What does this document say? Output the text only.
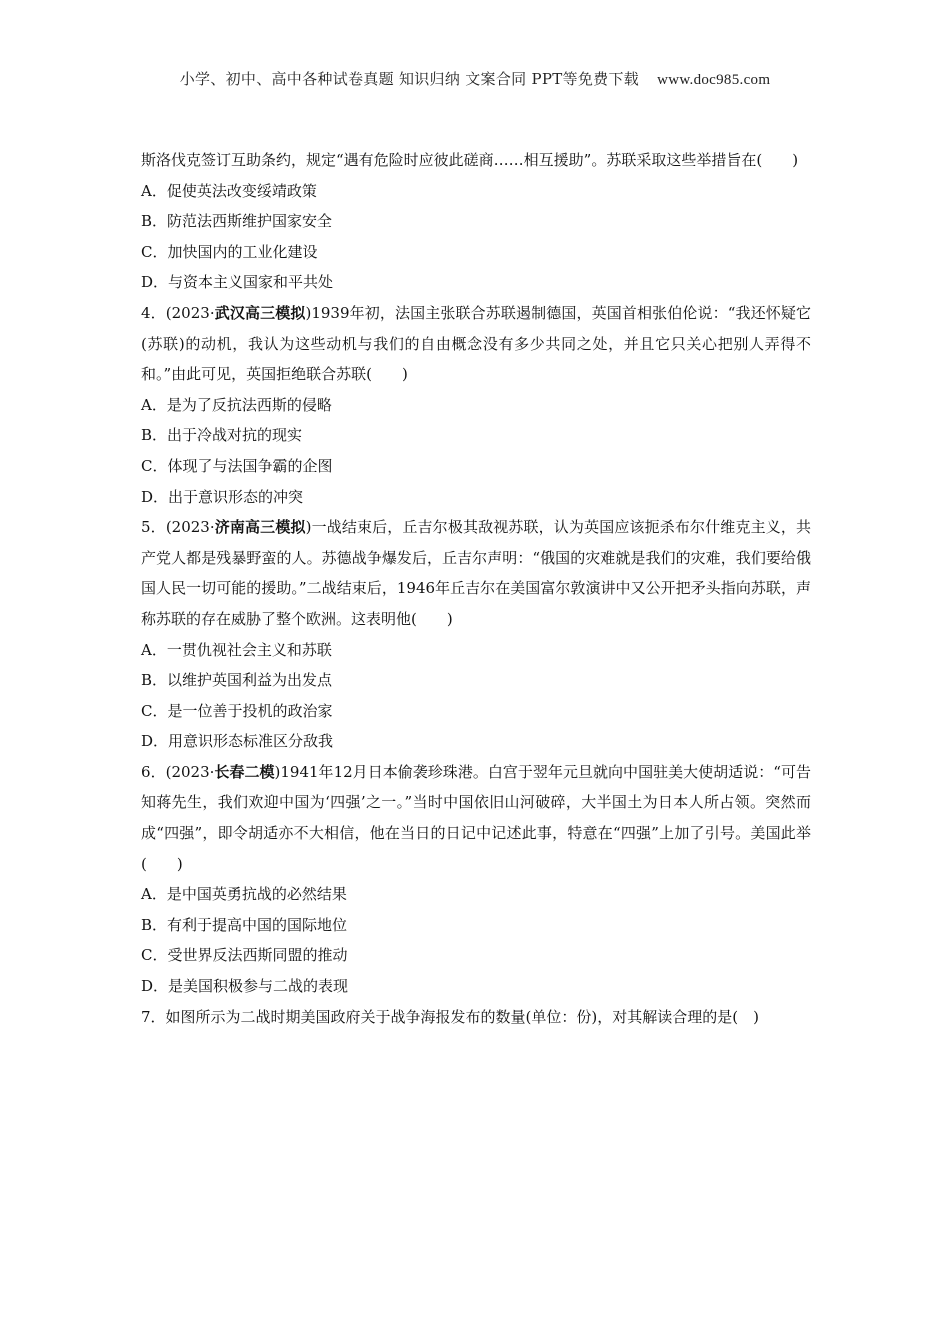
小学、初中、高中各种试卷真题 知识归纳 文案合同 PPT等免费下载 www.doc985.com
斯洛伐克签订互助条约，规定“遇有危险时应彼此磋商……相互援助”。苏联采取这些举措旨在(　　)
A．促使英法改变绥靖政策
B．防范法西斯维护国家安全
C．加快国内的工业化建设
D．与资本主义国家和平共处
4．(2023·武汉高三模拟)1939年初，法国主张联合苏联遏制德国，英国首相张伯伦说：“我还怀疑它(苏联)的动机，我认为这些动机与我们的自由概念没有多少共同之处，并且它只关心把别人弄得不和。”由此可见，英国拒绝联合苏联(　　)
A．是为了反抗法西斯的侵略
B．出于冷战对抗的现实
C．体现了与法国争霸的企图
D．出于意识形态的冲突
5．(2023·济南高三模拟)一战结束后，丘吉尔极其敌视苏联，认为英国应该扼杀布尔什维克主义，共产党人都是残暴野蛮的人。苏德战争爆发后，丘吉尔声明：“俄国的灾难就是我们的灾难，我们要给俄国人民一切可能的援助。”二战结束后，1946年丘吉尔在美国富尔敦演讲中又公开把矛头指向苏联，声称苏联的存在威胁了整个欧洲。这表明他(　　)
A．一贯仇视社会主义和苏联
B．以维护英国利益为出发点
C．是一位善于投机的政治家
D．用意识形态标准区分敌我
6．(2023·长春二模)1941年12月日本偷袭珍珠港。白宫于翌年元旦就向中国驻美大使胡适说：“可告知蒋先生，我们欢迎中国为‘四强’之一。”当时中国依旧山河破碎，大半国土为日本人所占领。突然而成“四强”，即令胡适亦不大相信，他在当日的日记中记述此事，特意在“四强”上加了引号。美国此举(　　)
A．是中国英勇抗战的必然结果
B．有利于提高中国的国际地位
C．受世界反法西斯同盟的推动
D．是美国积极参与二战的表现
7．如图所示为二战时期美国政府关于战争海报发布的数量(单位：份)，对其解读合理的是(　)
